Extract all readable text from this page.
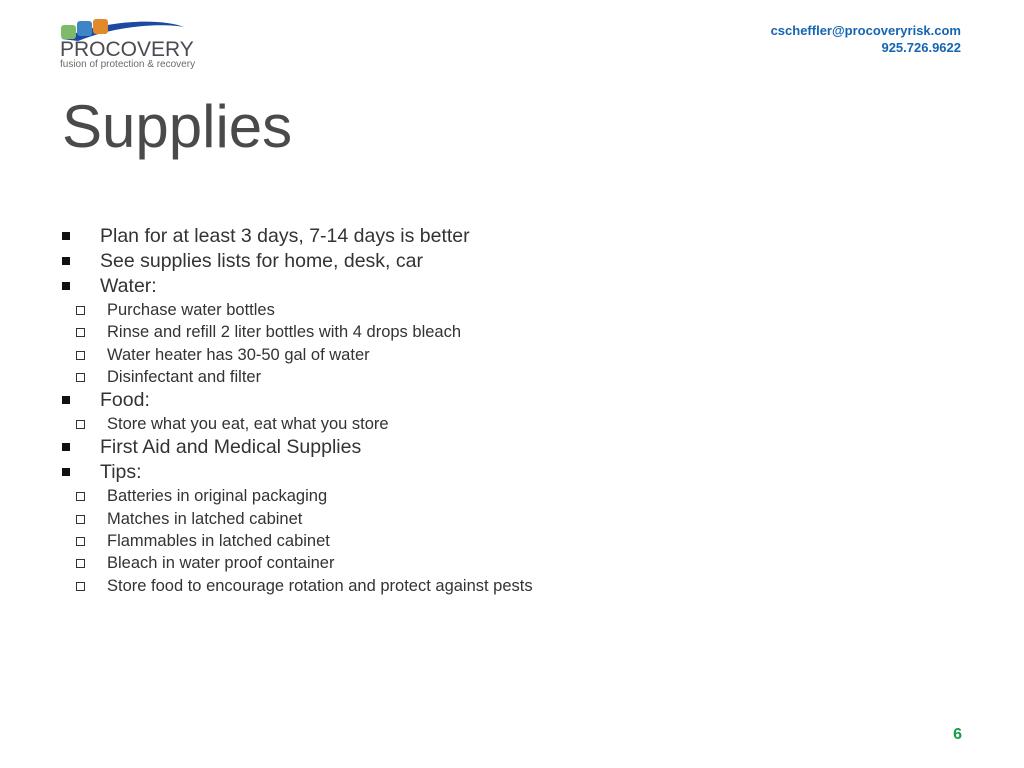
PROCOVERY
fusion of protection & recovery
cscheffler@procoveryrisk.com
925.726.9622
Supplies
Plan for at least 3 days, 7-14 days is better
See supplies lists for home, desk, car
Water:
Purchase water bottles
Rinse and refill 2 liter bottles with 4 drops bleach
Water heater has 30-50 gal of water
Disinfectant and filter
Food:
Store what you eat, eat what you store
First Aid and Medical Supplies
Tips:
Batteries in original packaging
Matches in latched cabinet
Flammables in latched cabinet
Bleach in water proof container
Store food to encourage rotation and protect against pests
6
